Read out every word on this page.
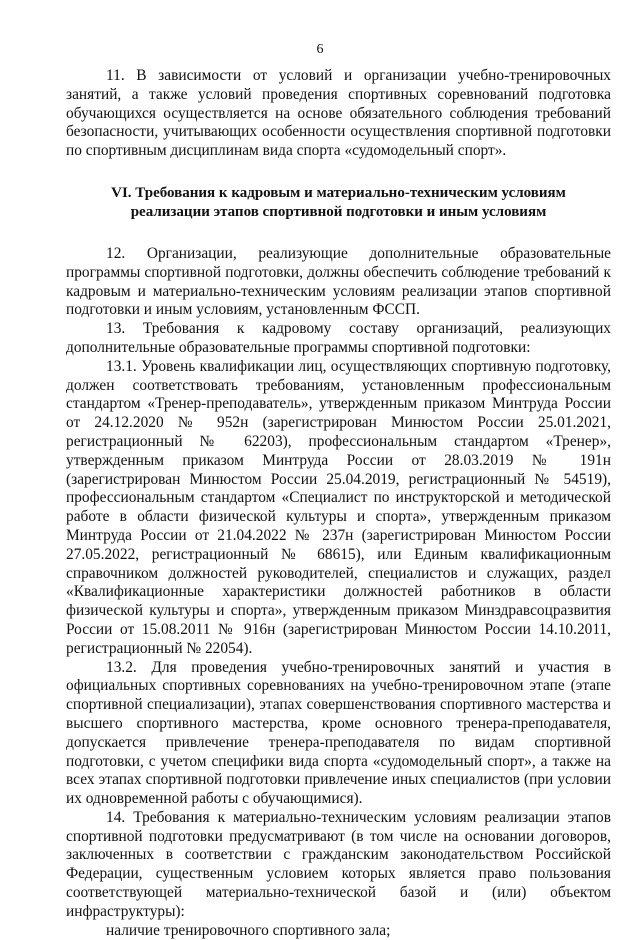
6

11. В зависимости от условий и организации учебно-тренировочных занятий, а также условий проведения спортивных соревнований подготовка обучающихся осуществляется на основе обязательного соблюдения требований безопасности, учитывающих особенности осуществления спортивной подготовки по спортивным дисциплинам вида спорта «судомодельный спорт».

VI. Требования к кадровым и материально-техническим условиям
реализации этапов спортивной подготовки и иным условиям

12. Организации, реализующие дополнительные образовательные программы спортивной подготовки, должны обеспечить соблюдение требований к кадровым и материально-техническим условиям реализации этапов спортивной подготовки и иным условиям, установленным ФССП.

13. Требования к кадровому составу организаций, реализующих дополнительные образовательные программы спортивной подготовки:

13.1. Уровень квалификации лиц, осуществляющих спортивную подготовку, должен соответствовать требованиям, установленным профессиональным стандартом «Тренер-преподаватель», утвержденным приказом Минтруда России от 24.12.2020 № 952н (зарегистрирован Минюстом России 25.01.2021, регистрационный № 62203), профессиональным стандартом «Тренер», утвержденным приказом Минтруда России от 28.03.2019 № 191н (зарегистрирован Минюстом России 25.04.2019, регистрационный № 54519), профессиональным стандартом «Специалист по инструкторской и методической работе в области физической культуры и спорта», утвержденным приказом Минтруда России от 21.04.2022 № 237н (зарегистрирован Минюстом России 27.05.2022, регистрационный № 68615), или Единым квалификационным справочником должностей руководителей, специалистов и служащих, раздел «Квалификационные характеристики должностей работников в области физической культуры и спорта», утвержденным приказом Минздравсоцразвития России от 15.08.2011 № 916н (зарегистрирован Минюстом России 14.10.2011, регистрационный № 22054).

13.2. Для проведения учебно-тренировочных занятий и участия в официальных спортивных соревнованиях на учебно-тренировочном этапе (этапе спортивной специализации), этапах совершенствования спортивного мастерства и высшего спортивного мастерства, кроме основного тренера-преподавателя, допускается привлечение тренера-преподавателя по видам спортивной подготовки, с учетом специфики вида спорта «судомодельный спорт», а также на всех этапах спортивной подготовки привлечение иных специалистов (при условии их одновременной работы с обучающимися).

14. Требования к материально-техническим условиям реализации этапов спортивной подготовки предусматривают (в том числе на основании договоров, заключенных в соответствии с гражданским законодательством Российской Федерации, существенным условием которых является право пользования соответствующей материально-технической базой и (или) объектом инфраструктуры):

наличие тренировочного спортивного зала;
